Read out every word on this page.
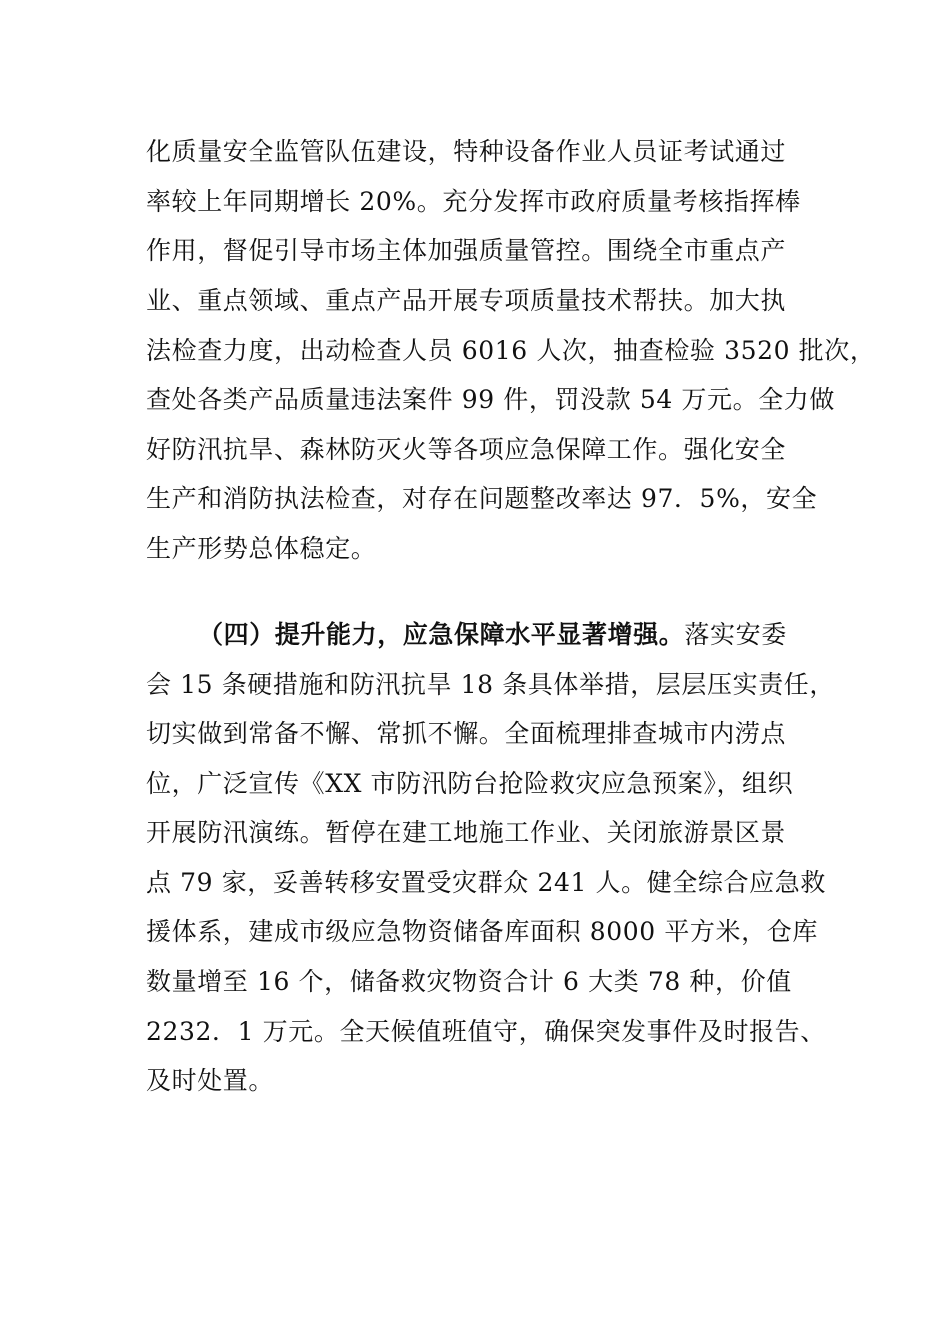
化质量安全监管队伍建设，特种设备作业人员证考试通过
率较上年同期增长 20%。充分发挥市政府质量考核指挥棒
作用，督促引导市场主体加强质量管控。围绕全市重点产
业、重点领域、重点产品开展专项质量技术帮扶。加大执
法检查力度，出动检查人员 6016 人次，抽查检验 3520 批次，
查处各类产品质量违法案件 99 件，罚没款 54 万元。全力做
好防汛抗旱、森林防灭火等各项应急保障工作。强化安全
生产和消防执法检查，对存在问题整改率达 97．5%，安全
生产形势总体稳定。
（四）提升能力，应急保障水平显著增强。落实安委
会 15 条硬措施和防汛抗旱 18 条具体举措，层层压实责任，
切实做到常备不懈、常抓不懈。全面梳理排查城市内涝点
位，广泛宣传《XX 市防汛防台抢险救灾应急预案》，组织
开展防汛演练。暂停在建工地施工作业、关闭旅游景区景
点 79 家，妥善转移安置受灾群众 241 人。健全综合应急救
援体系，建成市级应急物资储备库面积 8000 平方米，仓库
数量增至 16 个，储备救灾物资合计 6 大类 78 种，价值
2232．1 万元。全天候值班值守，确保突发事件及时报告、
及时处置。
